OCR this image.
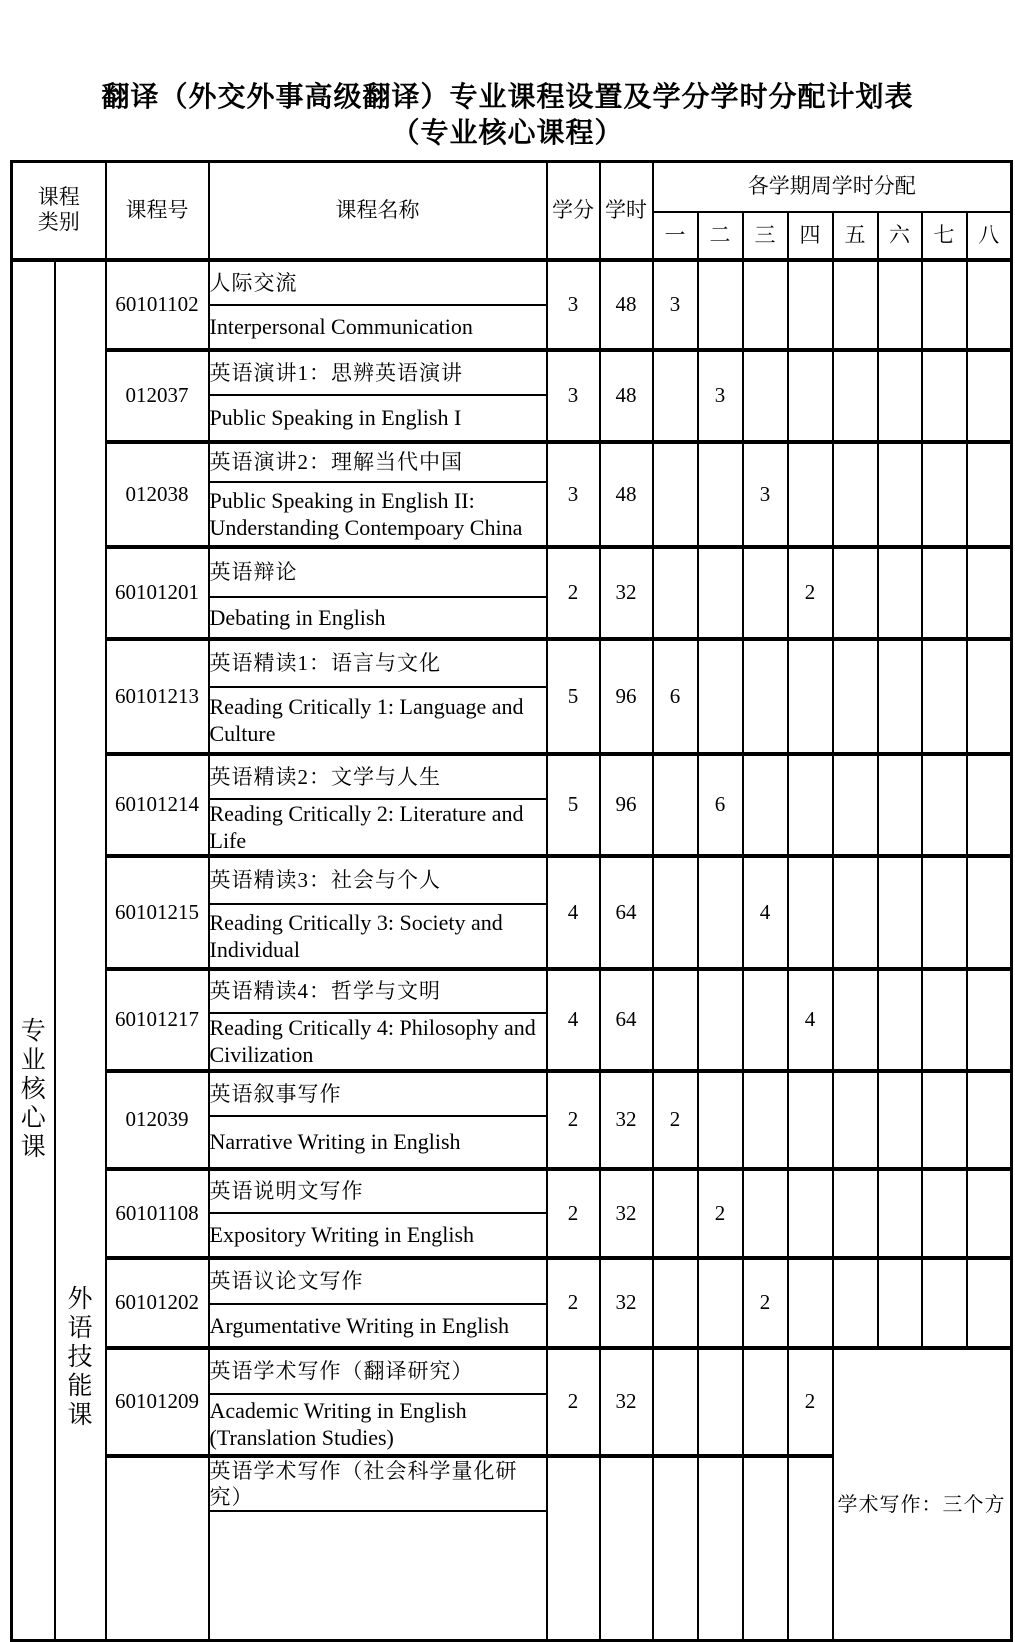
翻译（外交外事高级翻译）专业课程设置及学分学时分配计划表
（专业核心课程）
课程类别		课程号	课程名称	学分	学时	各学期周学时分配							
						一	二	三	四	五	六	七	八

专业核心课	外语技能课	60101102	人际交流	3	48	3							
			Interpersonal Communication										
		012037	英语演讲1：思辨英语演讲	3	48		3						
			Public Speaking in English I										
		012038	英语演讲2：理解当代中国	3	48			3					
			Public Speaking in English II: Understanding Contempoary China										
		60101201	英语辩论	2	32				2				
			Debating in English										
		60101213	英语精读1：语言与文化	5	96	6							
			Reading Critically 1: Language and Culture										
		60101214	英语精读2：文学与人生	5	96		6						
			Reading Critically 2: Literature and Life										
		60101215	英语精读3：社会与个人	4	64			4					
			Reading Critically 3: Society and Individual										
		60101217	英语精读4：哲学与文明	4	64				4				
			Reading Critically 4: Philosophy and Civilization										
		012039	英语叙事写作	2	32	2							
			Narrative Writing in English										
		60101108	英语说明文写作	2	32		2						
			Expository Writing in English										
		60101202	英语议论文写作	2	32			2					
			Argumentative Writing in English										
		60101209	英语学术写作（翻译研究）	2	32				2	学术写作：三个方			

			Academic Writing in English (Translation Studies)										
			英语学术写作（社会科学量化研究）										
